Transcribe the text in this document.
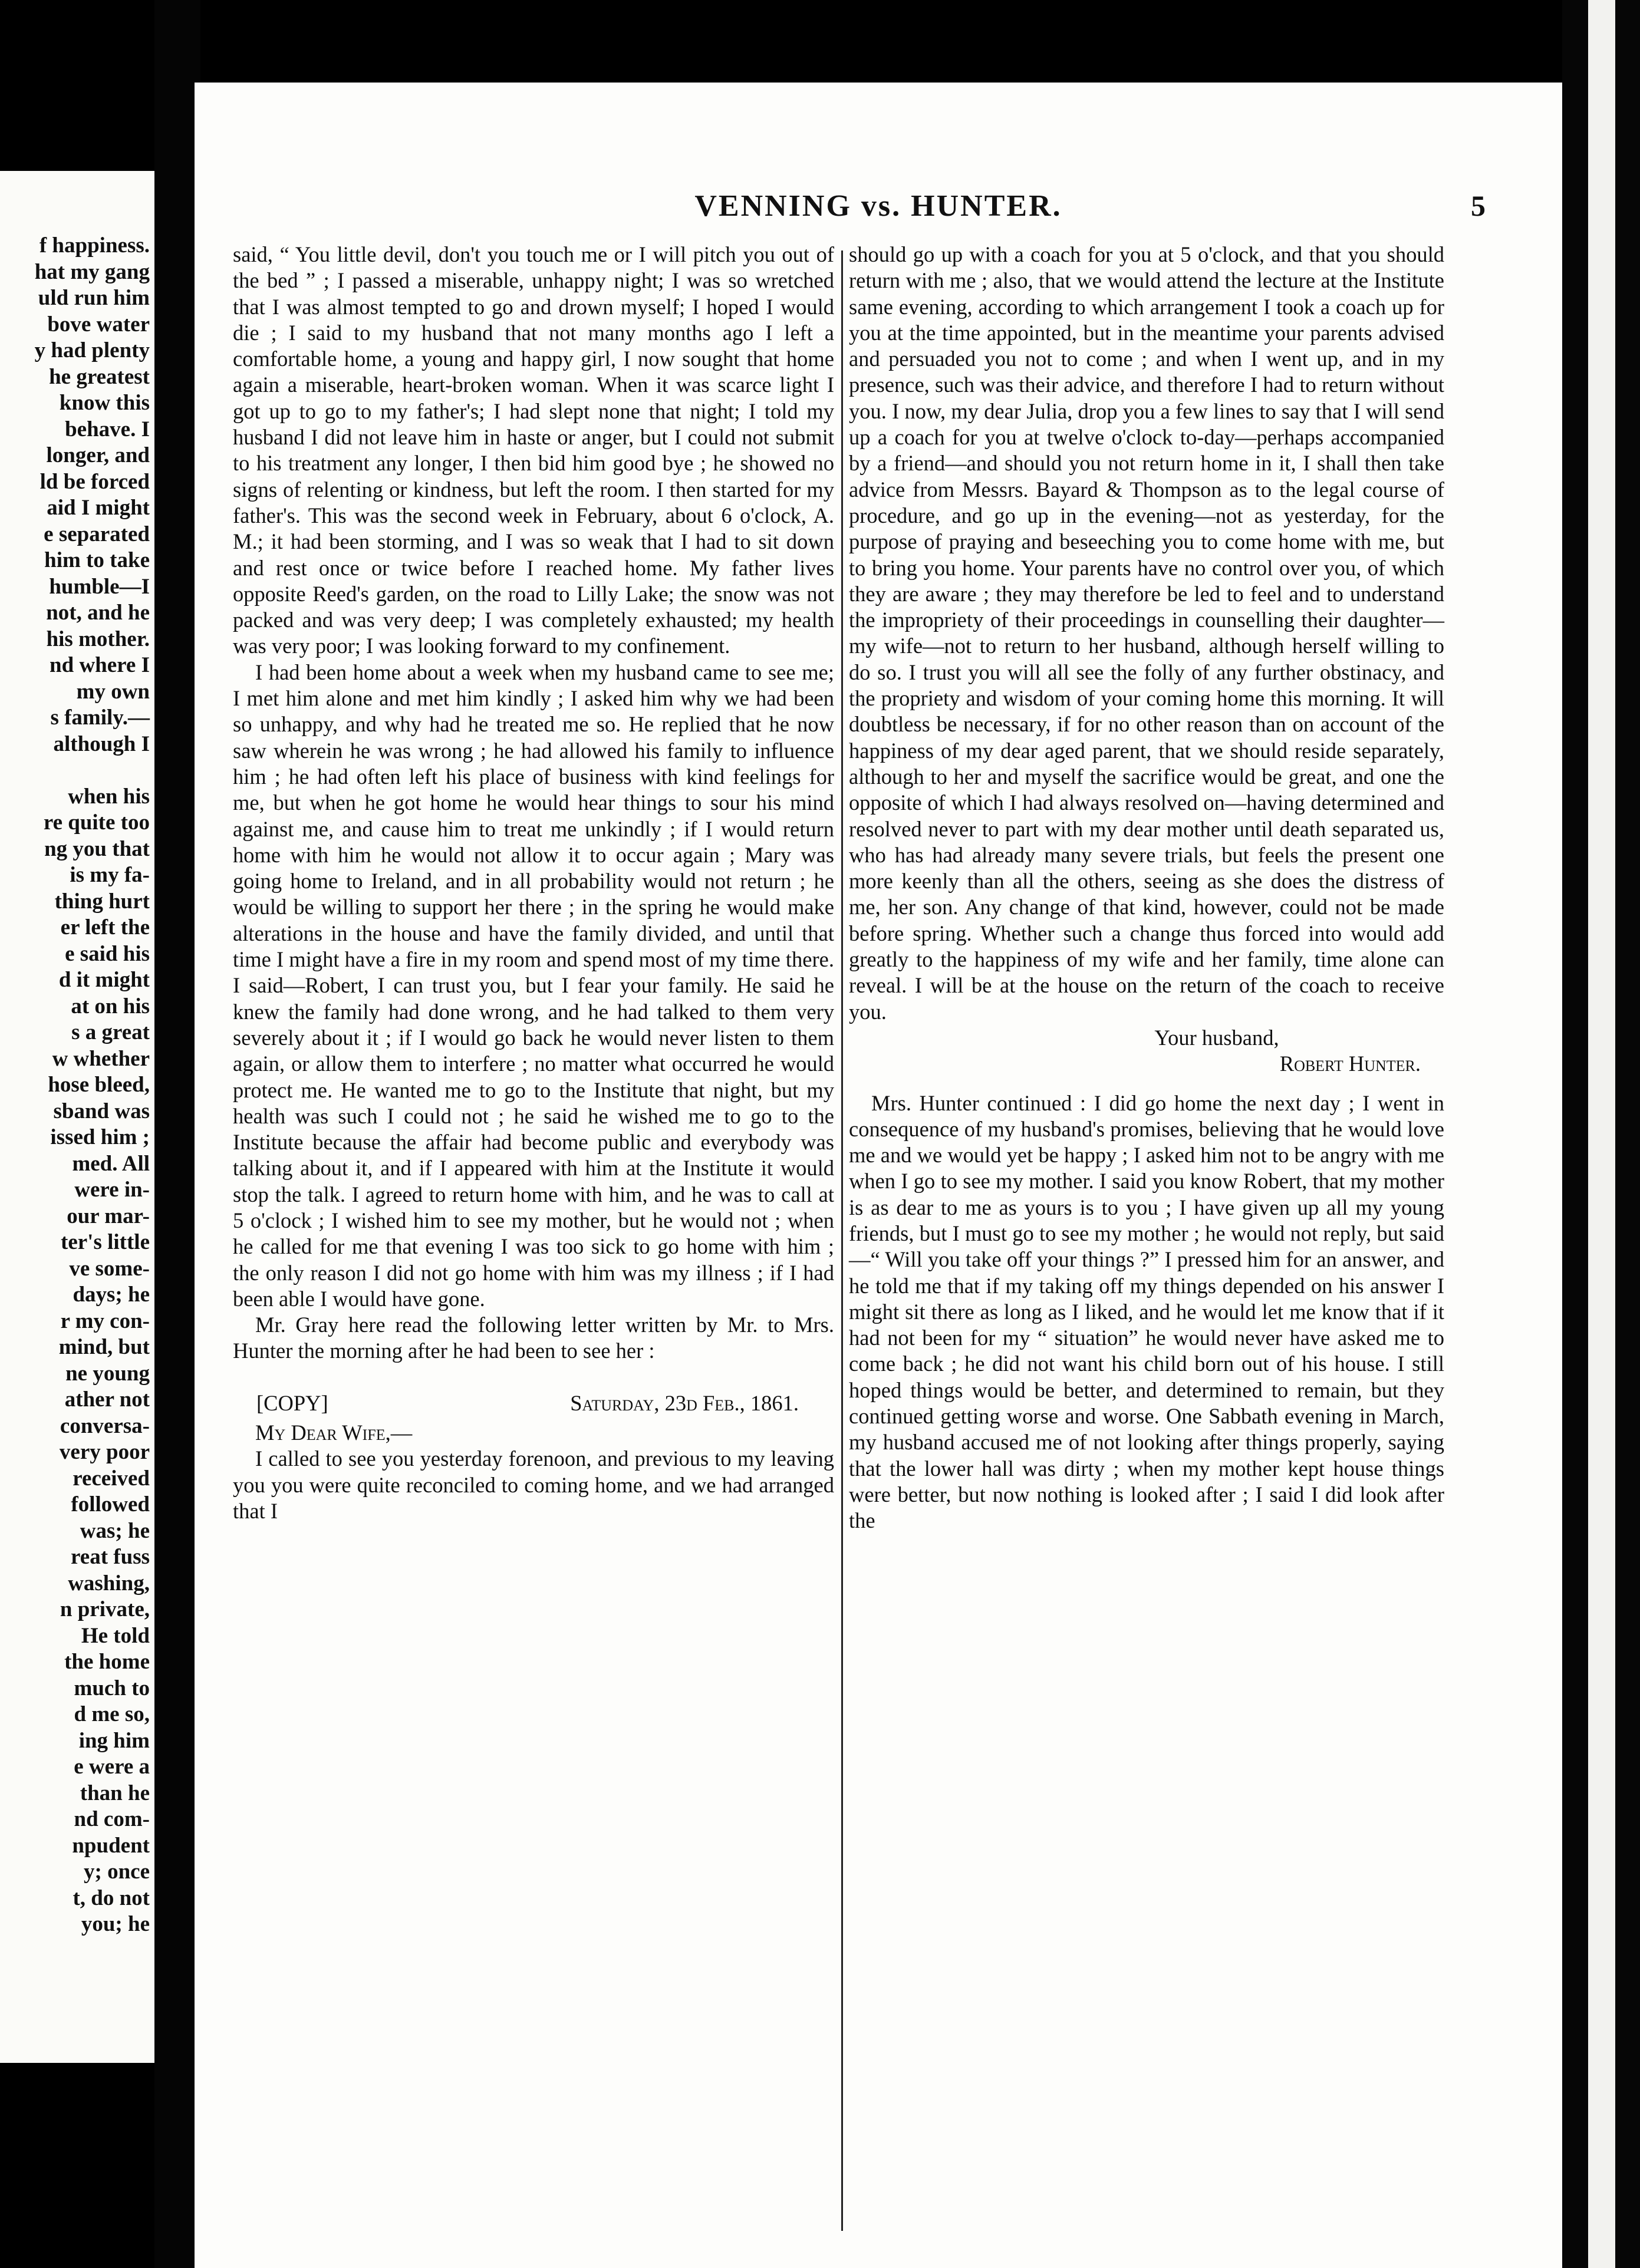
f happiness.
hat my gang
uld run him
bove water
y had plenty
he greatest
know this
behave. I
longer, and
ld be forced
aid I might
e separated
him to take
humble—I
not, and he
his mother.
nd where I
my own
s family.—
although I
when his
re quite too
ng you that
is my fa-
thing hurt
er left the
e said his
d it might
at on his
s a great
w whether
hose bleed,
sband was
issed him ;
med. All
were in-
our mar-
ter's little
ve some-
days; he
r my con-
mind, but
ne young
ather not
conversa-
very poor
received
followed
was; he
reat fuss
washing,
n private,
He told
the home
much to
d me so,
ing him
e were a
than he
nd com-
npudent
y; once
t, do not
you; he
VENNING vs. HUNTER.	5

said, “ You little devil, don't you touch me or I will pitch you out of the bed ” ; I passed a miserable, unhappy night; I was so wretched that I was almost tempted to go and drown myself; I hoped I would die ; I said to my husband that not many months ago I left a comfortable home, a young and happy girl, I now sought that home again a miserable, heart-broken woman. When it was scarce light I got up to go to my father's; I had slept none that night; I told my husband I did not leave him in haste or anger, but I could not submit to his treatment any longer, I then bid him good bye ; he showed no signs of relenting or kindness, but left the room. I then started for my father's. This was the second week in February, about 6 o'clock, A. M.; it had been storming, and I was so weak that I had to sit down and rest once or twice before I reached home. My father lives opposite Reed's garden, on the road to Lilly Lake; the snow was not packed and was very deep; I was completely exhausted; my health was very poor; I was looking forward to my confinement.

I had been home about a week when my husband came to see me; I met him alone and met him kindly ; I asked him why we had been so unhappy, and why had he treated me so. He replied that he now saw wherein he was wrong ; he had allowed his family to influence him ; he had often left his place of business with kind feelings for me, but when he got home he would hear things to sour his mind against me, and cause him to treat me unkindly ; if I would return home with him he would not allow it to occur again ; Mary was going home to Ireland, and in all probability would not return ; he would be willing to support her there ; in the spring he would make alterations in the house and have the family divided, and until that time I might have a fire in my room and spend most of my time there. I said—Robert, I can trust you, but I fear your family. He said he knew the family had done wrong, and he had talked to them very severely about it ; if I would go back he would never listen to them again, or allow them to interfere ; no matter what occurred he would protect me. He wanted me to go to the Institute that night, but my health was such I could not ; he said he wished me to go to the Institute because the affair had become public and everybody was talking about it, and if I appeared with him at the Institute it would stop the talk. I agreed to return home with him, and he was to call at 5 o'clock ; I wished him to see my mother, but he would not ; when he called for me that evening I was too sick to go home with him ; the only reason I did not go home with him was my illness ; if I had been able I would have gone.

Mr. Gray here read the following letter written by Mr. to Mrs. Hunter the morning after he had been to see her :

[COPY]	Saturday, 23d Feb., 1861.

My Dear Wife,—

I called to see you yesterday forenoon, and previous to my leaving you you were quite reconciled to coming home, and we had arranged that I

should go up with a coach for you at 5 o'clock, and that you should return with me ; also, that we would attend the lecture at the Institute same evening, according to which arrangement I took a coach up for you at the time appointed, but in the meantime your parents advised and persuaded you not to come ; and when I went up, and in my presence, such was their advice, and therefore I had to return without you. I now, my dear Julia, drop you a few lines to say that I will send up a coach for you at twelve o'clock to-day—perhaps accompanied by a friend—and should you not return home in it, I shall then take advice from Messrs. Bayard & Thompson as to the legal course of procedure, and go up in the evening—not as yesterday, for the purpose of praying and beseeching you to come home with me, but to bring you home. Your parents have no control over you, of which they are aware ; they may therefore be led to feel and to understand the impropriety of their proceedings in counselling their daughter—my wife—not to return to her husband, although herself willing to do so. I trust you will all see the folly of any further obstinacy, and the propriety and wisdom of your coming home this morning. It will doubtless be necessary, if for no other reason than on account of the happiness of my dear aged parent, that we should reside separately, although to her and myself the sacrifice would be great, and one the opposite of which I had always resolved on—having determined and resolved never to part with my dear mother until death separated us, who has had already many severe trials, but feels the present one more keenly than all the others, seeing as she does the distress of me, her son. Any change of that kind, however, could not be made before spring. Whether such a change thus forced into would add greatly to the happiness of my wife and her family, time alone can reveal. I will be at the house on the return of the coach to receive you.

Your husband,

Robert Hunter.

Mrs. Hunter continued : I did go home the next day ; I went in consequence of my husband's promises, believing that he would love me and we would yet be happy ; I asked him not to be angry with me when I go to see my mother. I said you know Robert, that my mother is as dear to me as yours is to you ; I have given up all my young friends, but I must go to see my mother ; he would not reply, but said—“ Will you take off your things ?” I pressed him for an answer, and he told me that if my taking off my things depended on his answer I might sit there as long as I liked, and he would let me know that if it had not been for my “ situation” he would never have asked me to come back ; he did not want his child born out of his house. I still hoped things would be better, and determined to remain, but they continued getting worse and worse. One Sabbath evening in March, my husband accused me of not looking after things properly, saying that the lower hall was dirty ; when my mother kept house things were better, but now nothing is looked after ; I said I did look after the
